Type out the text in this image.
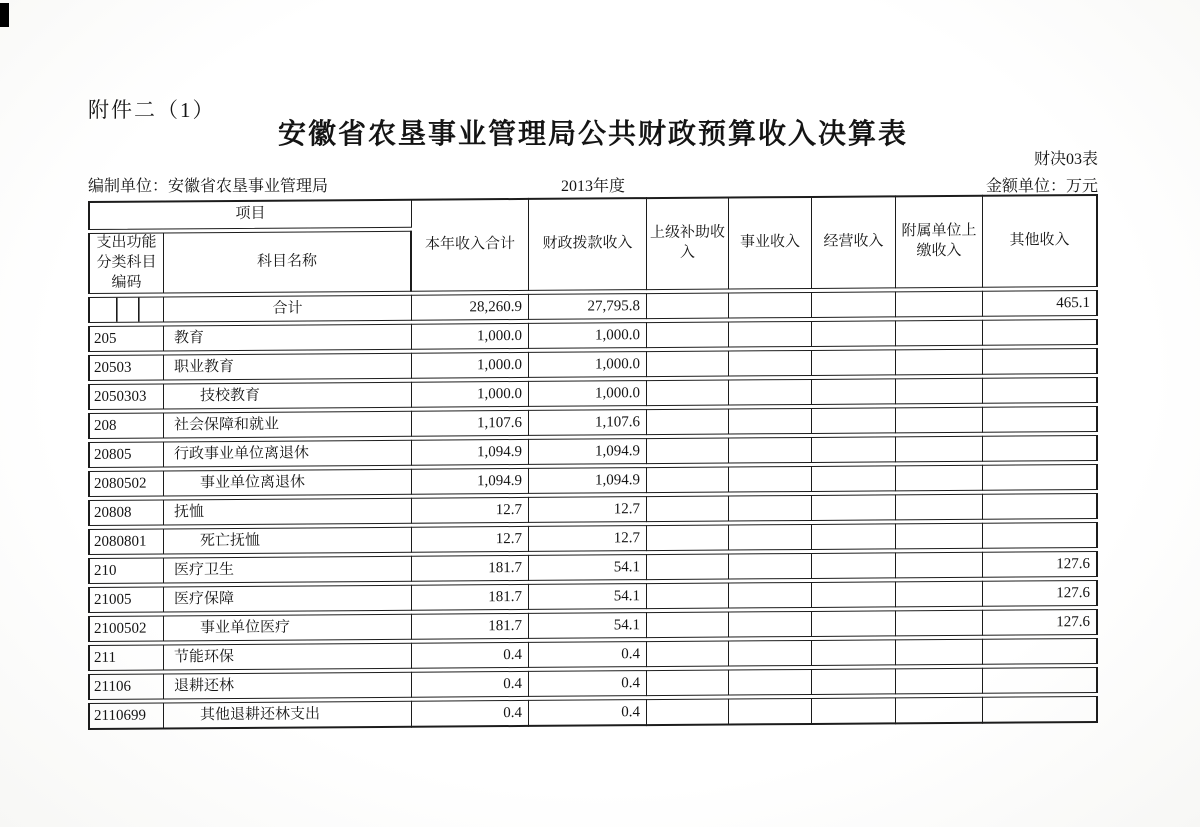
附件二（1）
安徽省农垦事业管理局公共财政预算收入决算表
财决03表
编制单位：安徽省农垦事业管理局	2013年度	金额单位：万元
项目		本年收入合计	财政拨款收入	上级补助收入	事业收入	经营收入	附属单位上缴收入	其他收入
支出功能分类科目编码	科目名称							
	合计	28,260.9	27,795.8					465.1
205	教育	1,000.0	1,000.0					
20503	职业教育	1,000.0	1,000.0					
2050303	技校教育	1,000.0	1,000.0					
208	社会保障和就业	1,107.6	1,107.6					
20805	行政事业单位离退休	1,094.9	1,094.9					
2080502	事业单位离退休	1,094.9	1,094.9					
20808	抚恤	12.7	12.7					
2080801	死亡抚恤	12.7	12.7					
210	医疗卫生	181.7	54.1					127.6
21005	医疗保障	181.7	54.1					127.6
2100502	事业单位医疗	181.7	54.1					127.6
211	节能环保	0.4	0.4					
21106	退耕还林	0.4	0.4					
2110699	其他退耕还林支出	0.4	0.4					
